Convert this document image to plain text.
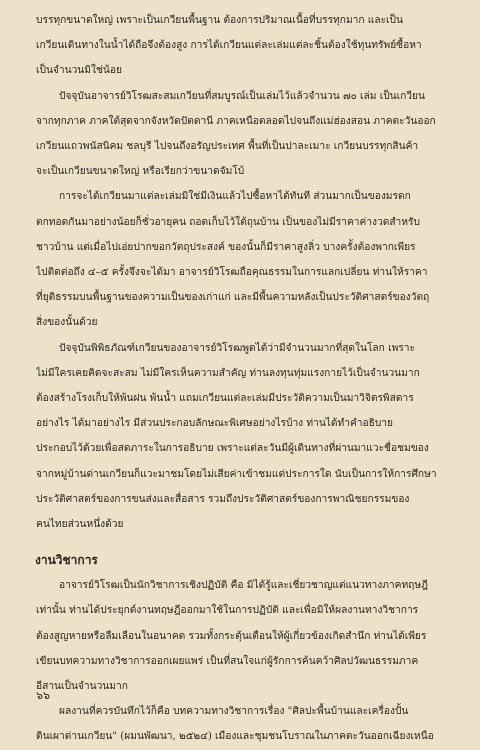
บรรทุกขนาดใหญ่ เพราะเป็นเกวียนพื้นฐาน ต้องการปริมาณเนื้อที่บรรทุกมาก และเป็น
เกวียนเดินทางในน้ำได้ถือจึงต้องสูง การได้เกวียนแต่ละเล่มแต่ละชิ้นต้องใช้ทุนทรัพย์ซื้อหา
เป็นจำนวนมิใช่น้อย
ปัจจุบันอาจารย์วิโรฒสะสมเกวียนที่สมบูรณ์เป็นเล่มไว้แล้วจำนวน ๗๐ เล่ม เป็นเกวียน
จากทุกภาค ภาคใต้สุดจากจังหวัดปัตตานี ภาคเหนือตลอดไปจนถึงแม่ฮ่องสอน ภาคตะวันออก
เกวียนแถวพนัสนิคม ชลบุรี ไปจนถึงอรัญประเทศ พื้นที่เป็นปาละเมาะ เกวียนบรรทุกสินค้า
จะเป็นเกวียนขนาดใหญ่ หรือเรียกว่าขนาดจัมโบ้
การจะได้เกวียนมาแต่ละเล่มมิใช่มีเงินแล้วไปซื้อหาได้ทันที ส่วนมากเป็นของมรดก
ตกทอดกันมาอย่างน้อยก็ชั่วอายุคน ถอดเก็บไว้ใต้ถุนบ้าน เป็นของไม่มีราคาค่างวดสำหรับ
ชาวบ้าน แต่เมื่อไปเอ่ยปากขอกวัตถุประสงค์ ของนั้นก็มีราคาสูงลิ่ว บางครั้งต้องพากเพียร
ไปติดต่อถึง ๔–๕ ครั้งจึงจะได้มา อาจารย์วิโรฒถือคุณธรรมในการแลกเปลี่ยน ท่านให้ราคา
ที่ยุติธรรมบนพื้นฐานของความเป็นของเก่าแก่ และมีพื้นความหลังเป็นประวัติศาสตร์ของวัตถุ
สิ่งของนั้นด้วย
ปัจจุบันพิพิธภัณฑ์เกวียนของอาจารย์วิโรฒพูดได้ว่ามีจำนวนมากที่สุดในโลก เพราะ
ไม่มีใครเคยคิดจะสะสม ไม่มีใครเห็นความสำคัญ ท่านลงทุนทุ่มแรงกายไว้เป็นจำนวนมาก
ต้องสร้างโรงเก็บให้พ้นฝน พ้นน้ำ แถมเกวียนแต่ละเล่มมีประวัติความเป็นมาวิจิตรพิสดาร
อย่างไร ได้มาอย่างไร มีส่วนประกอบลักษณะพิเศษอย่างไรบ้าง ท่านได้ทำคำอธิบาย
ประกอบไว้ด้วยเพื่อสดภาระในการอธิบาย เพราะแต่ละวันมีผู้เดินทางที่ผ่านมาแวะชื่อชมของ
จากหมู่บ้านด่านเกวียนก็แวะมาชมโดยไม่เสียค่าเข้าชมแต่ประการใด นับเป็นการให้การศึกษา
ประวัติศาสตร์ของการขนส่งและสื่อสาร รวมถึงประวัติศาสตร์ของการพาณิชยกรรมของ
คนไทยส่วนหนึ่งด้วย
งานวิชาการ
อาจารย์วิโรฒเป็นนักวิชาการเชิงปฏิบัติ คือ มิได้รู้และเชี่ยวชาญแต่แนวทางภาคทฤษฎี
เท่านั้น ท่านได้ประยุกต์งานทฤษฎีออกมาใช้ในการปฏิบัติ และเพื่อมิให้ผลงานทางวิชาการ
ต้องสูญหายหรือลืมเลือนในอนาคต รวมทั้งกระตุ้นเตือนให้ผู้เกี่ยวข้องเกิดสำนึก ท่านได้เพียร
เขียนบทความทางวิชาการออกเผยแพร่ เป็นที่สนใจแก่ผู้รักการค้นคว้าศิลปวัฒนธรรมภาค
อีสานเป็นจำนวนมาก
ผลงานที่ควรบันทึกไว้ก็คือ บทความทางวิชาการเรื่อง "ศิลปะพื้นบ้านและเครื่องปั้น
ดินเผาด่านเกวียน" (ผมนพัฒนา, ๒๕๒๔) เมืองและชุมชนโบราณในภาคตะวันออกเฉียงเหนือ
๖๖
